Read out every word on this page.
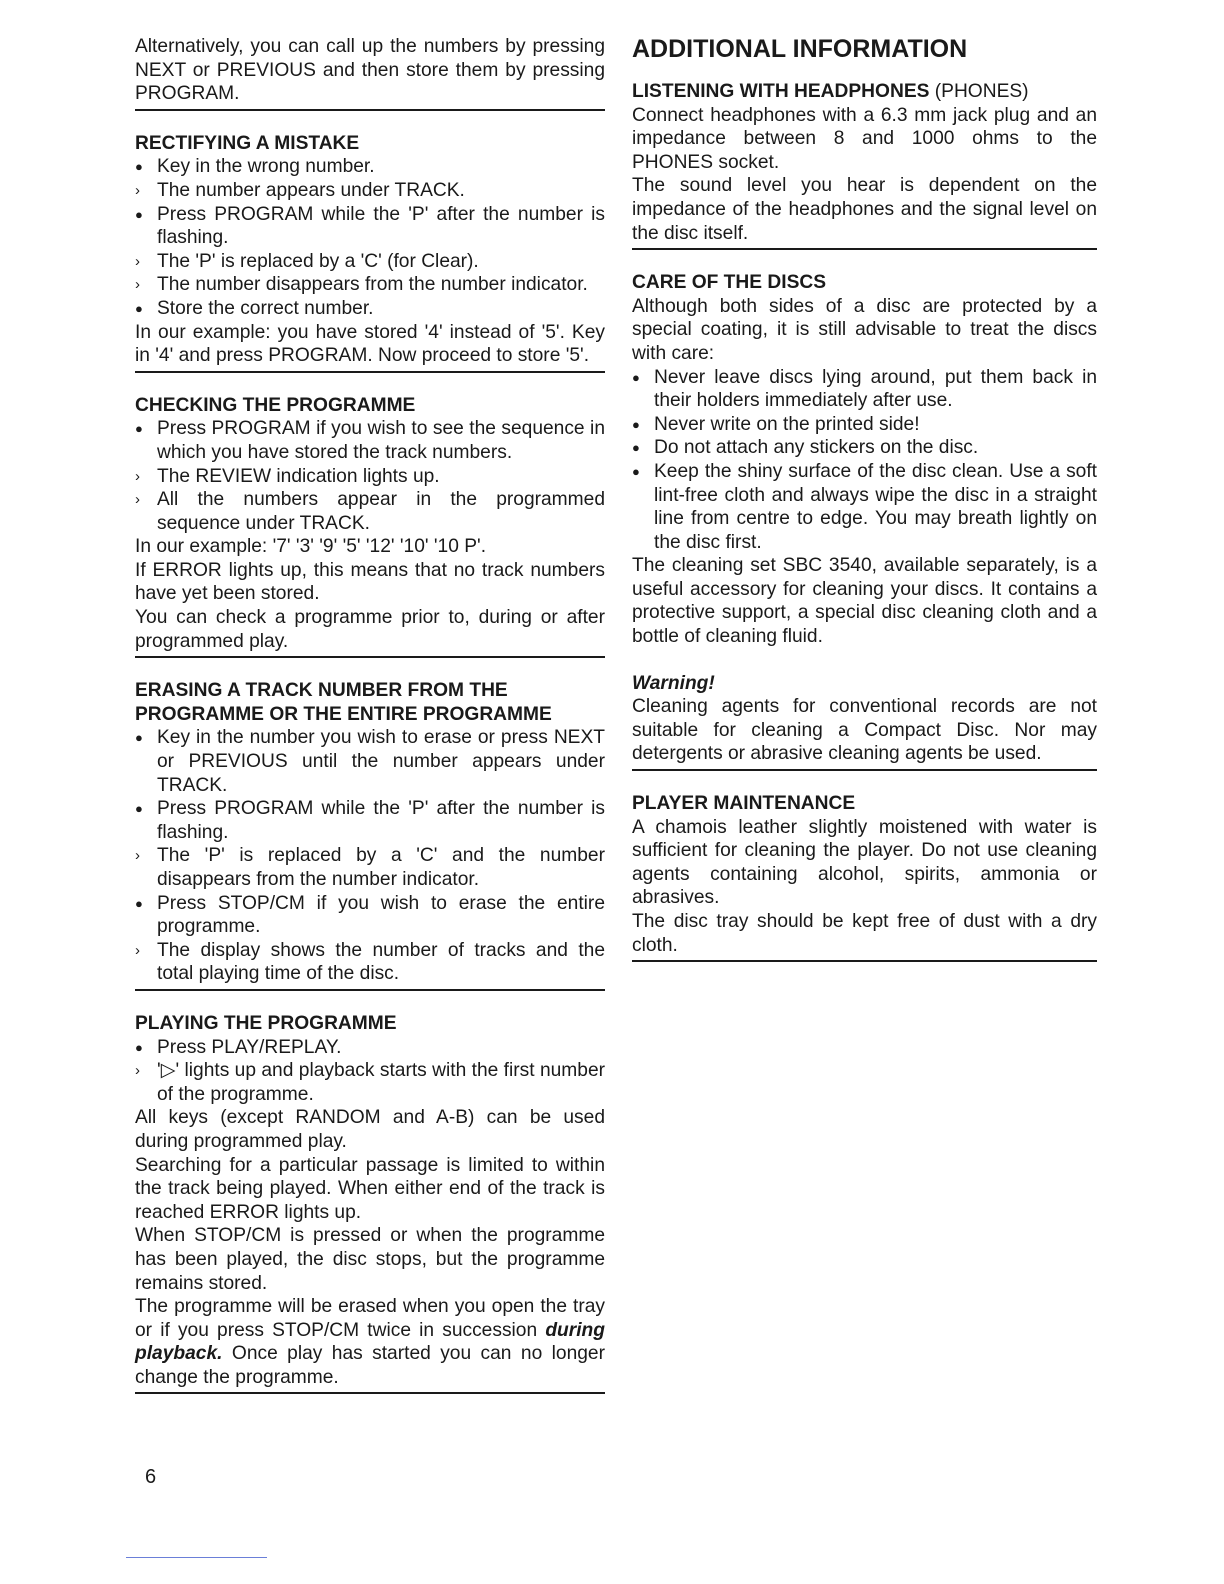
Alternatively, you can call up the numbers by pressing NEXT or PREVIOUS and then store them by pressing PROGRAM.

RECTIFYING A MISTAKE

● Key in the wrong number.
› The number appears under TRACK.
● Press PROGRAM while the 'P' after the number is flashing.
› The 'P' is replaced by a 'C' (for Clear).
› The number disappears from the number indicator.
● Store the correct number.

In our example: you have stored '4' instead of '5'. Key in '4' and press PROGRAM. Now proceed to store '5'.

CHECKING THE PROGRAMME

● Press PROGRAM if you wish to see the sequence in which you have stored the track numbers.
› The REVIEW indication lights up.
› All the numbers appear in the programmed sequence under TRACK.

In our example: '7' '3' '9' '5' '12' '10' '10 P'.

If ERROR lights up, this means that no track numbers have yet been stored.

You can check a programme prior to, during or after programmed play.

ERASING A TRACK NUMBER FROM THE

PROGRAMME OR THE ENTIRE PROGRAMME

● Key in the number you wish to erase or press NEXT or PREVIOUS until the number appears under TRACK.
● Press PROGRAM while the 'P' after the number is flashing.
› The 'P' is replaced by a 'C' and the number disappears from the number indicator.
● Press STOP/CM if you wish to erase the entire programme.
› The display shows the number of tracks and the total playing time of the disc.

PLAYING THE PROGRAMME

● Press PLAY/REPLAY.
› '▷' lights up and playback starts with the first number of the programme.

All keys (except RANDOM and A-B) can be used during programmed play.

Searching for a particular passage is limited to within the track being played. When either end of the track is reached ERROR lights up.

When STOP/CM is pressed or when the programme has been played, the disc stops, but the programme remains stored.

The programme will be erased when you open the tray or if you press STOP/CM twice in succession during playback. Once play has started you can no longer change the programme.

ADDITIONAL INFORMATION

LISTENING WITH HEADPHONES (PHONES)

Connect headphones with a 6.3 mm jack plug and an impedance between 8 and 1000 ohms to the PHONES socket.

The sound level you hear is dependent on the impedance of the headphones and the signal level on the disc itself.

CARE OF THE DISCS

Although both sides of a disc are protected by a special coating, it is still advisable to treat the discs with care:

● Never leave discs lying around, put them back in their holders immediately after use.
● Never write on the printed side!
● Do not attach any stickers on the disc.
● Keep the shiny surface of the disc clean. Use a soft lint-free cloth and always wipe the disc in a straight line from centre to edge. You may breath lightly on the disc first.

The cleaning set SBC 3540, available separately, is a useful accessory for cleaning your discs. It contains a protective support, a special disc cleaning cloth and a bottle of cleaning fluid.

Warning!

Cleaning agents for conventional records are not suitable for cleaning a Compact Disc. Nor may detergents or abrasive cleaning agents be used.

PLAYER MAINTENANCE

A chamois leather slightly moistened with water is sufficient for cleaning the player. Do not use cleaning agents containing alcohol, spirits, ammonia or abrasives.

The disc tray should be kept free of dust with a dry cloth.

6
